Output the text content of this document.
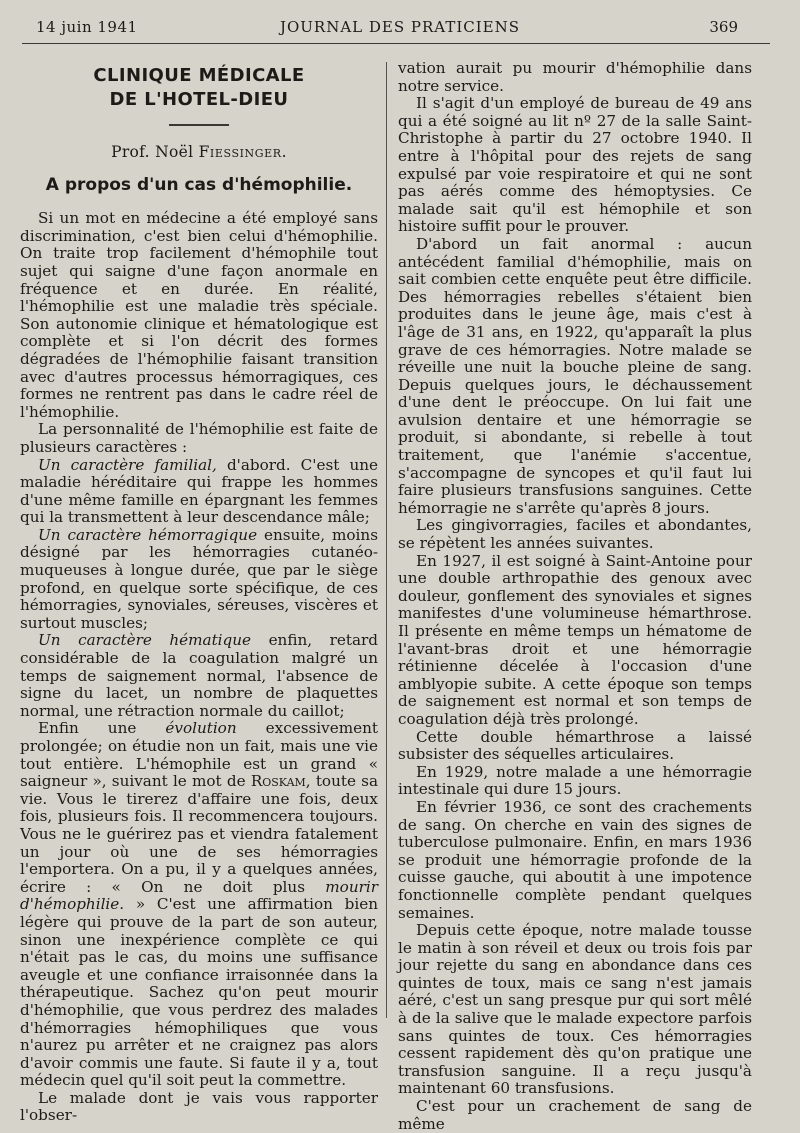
14 juin 1941	JOURNAL DES PRATICIENS	369
CLINIQUE MÉDICALE
DE L'HOTEL-DIEU
Prof. Noël Fiessinger.
A propos d'un cas d'hémophilie.

Si un mot en médecine a été employé sans discrimination, c'est bien celui d'hémophilie. On traite trop facilement d'hémophile tout sujet qui saigne d'une façon anormale en fréquence et en durée. En réalité, l'hémophilie est une maladie très spéciale. Son autonomie clinique et hématologique est complète et si l'on décrit des formes dégradées de l'hémophilie faisant transition avec d'autres processus hémorragiques, ces formes ne rentrent pas dans le cadre réel de l'hémophilie.

La personnalité de l'hémophilie est faite de plusieurs caractères :

Un caractère familial, d'abord. C'est une maladie héréditaire qui frappe les hommes d'une même famille en épargnant les femmes qui la transmettent à leur descendance mâle;

Un caractère hémorragique ensuite, moins désigné par les hémorragies cutanéo-muqueuses à longue durée, que par le siège profond, en quelque sorte spécifique, de ces hémorragies, synoviales, séreuses, viscères et surtout muscles;

Un caractère hématique enfin, retard considérable de la coagulation malgré un temps de saignement normal, l'absence de signe du lacet, un nombre de plaquettes normal, une rétraction normale du caillot;

Enfin une évolution excessivement prolongée; on étudie non un fait, mais une vie tout entière. L'hémophile est un grand « saigneur », suivant le mot de Roskam, toute sa vie. Vous le tirerez d'affaire une fois, deux fois, plusieurs fois. Il recommencera toujours. Vous ne le guérirez pas et viendra fatalement un jour où une de ses hémorragies l'emportera. On a pu, il y a quelques années, écrire : « On ne doit plus mourir d'hémophilie. » C'est une affirmation bien légère qui prouve de la part de son auteur, sinon une inexpérience complète ce qui n'était pas le cas, du moins une suffisance aveugle et une confiance irraisonnée dans la thérapeutique. Sachez qu'on peut mourir d'hémophilie, que vous perdrez des malades d'hémorragies hémophiliques que vous n'aurez pu arrêter et ne craignez pas alors d'avoir commis une faute. Si faute il y a, tout médecin quel qu'il soit peut la commettre.

Le malade dont je vais vous rapporter l'obser-

vation aurait pu mourir d'hémophilie dans notre service.

Il s'agit d'un employé de bureau de 49 ans qui a été soigné au lit nº 27 de la salle Saint-Christophe à partir du 27 octobre 1940. Il entre à l'hôpital pour des rejets de sang expulsé par voie respiratoire et qui ne sont pas aérés comme des hémoptysies. Ce malade sait qu'il est hémophile et son histoire suffit pour le prouver.

D'abord un fait anormal : aucun antécédent familial d'hémophilie, mais on sait combien cette enquête peut être difficile. Des hémorragies rebelles s'étaient bien produites dans le jeune âge, mais c'est à l'âge de 31 ans, en 1922, qu'apparaît la plus grave de ces hémorragies. Notre malade se réveille une nuit la bouche pleine de sang. Depuis quelques jours, le déchaussement d'une dent le préoccupe. On lui fait une avulsion dentaire et une hémorragie se produit, si abondante, si rebelle à tout traitement, que l'anémie s'accentue, s'accompagne de syncopes et qu'il faut lui faire plusieurs transfusions sanguines. Cette hémorragie ne s'arrête qu'après 8 jours.

Les gingivorragies, faciles et abondantes, se répètent les années suivantes.

En 1927, il est soigné à Saint-Antoine pour une double arthropathie des genoux avec douleur, gonflement des synoviales et signes manifestes d'une volumineuse hémarthrose. Il présente en même temps un hématome de l'avant-bras droit et une hémorragie rétinienne décelée à l'occasion d'une amblyopie subite. A cette époque son temps de saignement est normal et son temps de coagulation déjà très prolongé.

Cette double hémarthrose a laissé subsister des séquelles articulaires.

En 1929, notre malade a une hémorragie intestinale qui dure 15 jours.

En février 1936, ce sont des crachements de sang. On cherche en vain des signes de tuberculose pulmonaire. Enfin, en mars 1936 se produit une hémorragie profonde de la cuisse gauche, qui aboutit à une impotence fonctionnelle complète pendant quelques semaines.

Depuis cette époque, notre malade tousse le matin à son réveil et deux ou trois fois par jour rejette du sang en abondance dans ces quintes de toux, mais ce sang n'est jamais aéré, c'est un sang presque pur qui sort mêlé à de la salive que le malade expectore parfois sans quintes de toux. Ces hémorragies cessent rapidement dès qu'on pratique une transfusion sanguine. Il a reçu jusqu'à maintenant 60 transfusions.

C'est pour un crachement de sang de même
